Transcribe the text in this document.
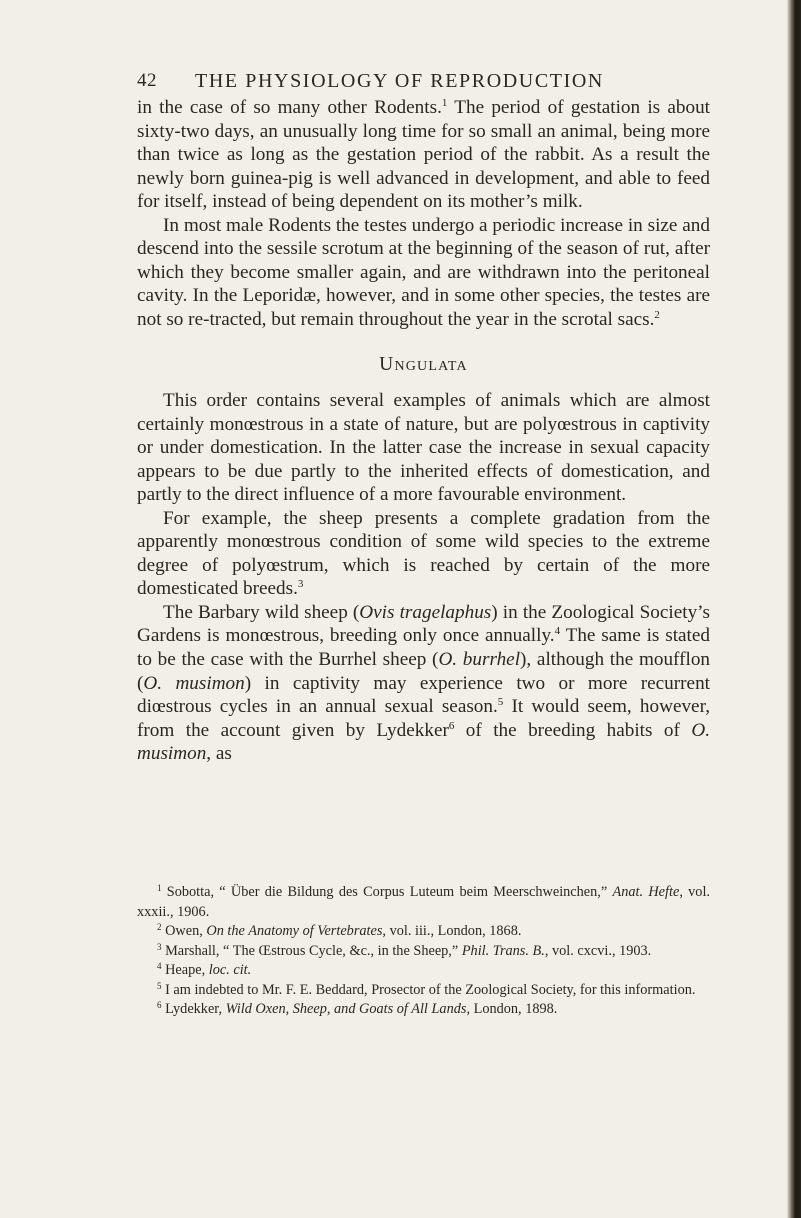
42 THE PHYSIOLOGY OF REPRODUCTION

in the case of so many other Rodents.$^1$ The period of gestation is about sixty-two days, an unusually long time for so small an animal, being more than twice as long as the gestation period of the rabbit. As a result the newly born guinea-pig is well advanced in development, and able to feed for itself, instead of being dependent on its mother’s milk.

In most male Rodents the testes undergo a periodic increase in size and descend into the sessile scrotum at the beginning of the season of rut, after which they become smaller again, and are withdrawn into the peritoneal cavity. In the Leporidæ, however, and in some other species, the testes are not so re-tracted, but remain throughout the year in the scrotal sacs.$^2$

Ungulata

This order contains several examples of animals which are almost certainly monœstrous in a state of nature, but are polyœstrous in captivity or under domestication. In the latter case the increase in sexual capacity appears to be due partly to the inherited effects of domestication, and partly to the direct influence of a more favourable environment.

For example, the sheep presents a complete gradation from the apparently monœstrous condition of some wild species to the extreme degree of polyœstrum, which is reached by certain of the more domesticated breeds.$^3$

The Barbary wild sheep (Ovis tragelaphus) in the Zoological Society’s Gardens is monœstrous, breeding only once annually.$^4$ The same is stated to be the case with the Burrhel sheep (O. burrhel), although the moufflon (O. musimon) in captivity may experience two or more recurrent diœstrous cycles in an annual sexual season.$^5$ It would seem, however, from the account given by Lydekker$^6$ of the breeding habits of O. musimon, as

$^1$ Sobotta, “ Über die Bildung des Corpus Luteum beim Meerschweinchen,” Anat. Hefte, vol. xxxii., 1906.

$^2$ Owen, On the Anatomy of Vertebrates, vol. iii., London, 1868.

$^3$ Marshall, “ The Œstrous Cycle, &c., in the Sheep,” Phil. Trans. B., vol. cxcvi., 1903.

$^4$ Heape, loc. cit.

$^5$ I am indebted to Mr. F. E. Beddard, Prosector of the Zoological Society, for this information.

$^6$ Lydekker, Wild Oxen, Sheep, and Goats of All Lands, London, 1898.
